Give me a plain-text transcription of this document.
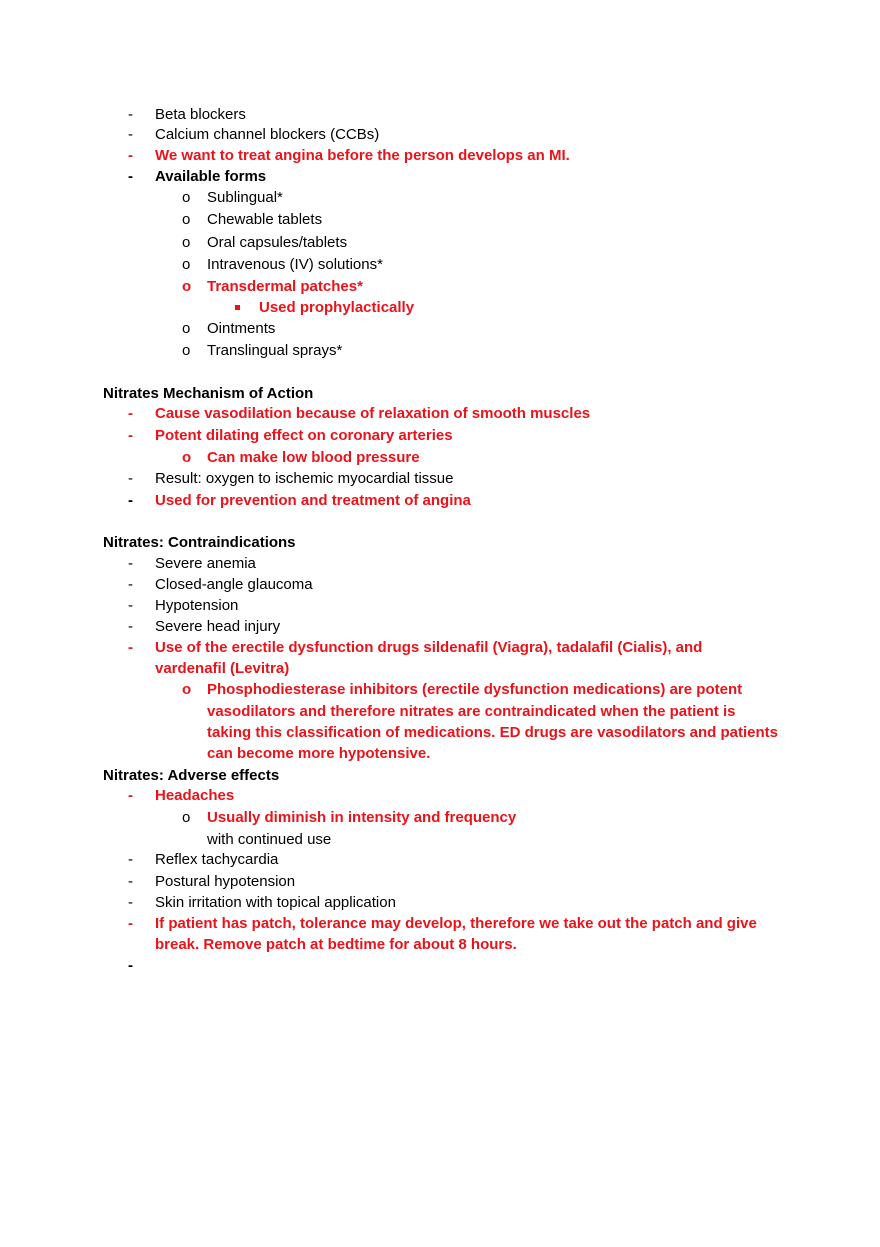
- Beta blockers
- Calcium channel blockers (CCBs)
- We want to treat angina before the person develops an MI.
- Available forms
o Sublingual*
o Chewable tablets
o Oral capsules/tablets
o Intravenous (IV) solutions*
o Transdermal patches*
Used prophylactically
o Ointments
o Translingual sprays*
Nitrates Mechanism of Action
- Cause vasodilation because of relaxation of smooth muscles
- Potent dilating effect on coronary arteries
o Can make low blood pressure
- Result: oxygen to ischemic myocardial tissue
- Used for prevention and treatment of angina
Nitrates: Contraindications
- Severe anemia
- Closed-angle glaucoma
- Hypotension
- Severe head injury
- Use of the erectile dysfunction drugs sildenafil (Viagra), tadalafil (Cialis), and
vardenafil (Levitra)
o Phosphodiesterase inhibitors (erectile dysfunction medications) are potent
vasodilators and therefore nitrates are contraindicated when the patient is
taking this classification of medications. ED drugs are vasodilators and patients
can become more hypotensive.
Nitrates: Adverse effects
- Headaches
o Usually diminish in intensity and frequency
with continued use
- Reflex tachycardia
- Postural hypotension
- Skin irritation with topical application
- If patient has patch, tolerance may develop, therefore we take out the patch and give
break. Remove patch at bedtime for about 8 hours.
-
